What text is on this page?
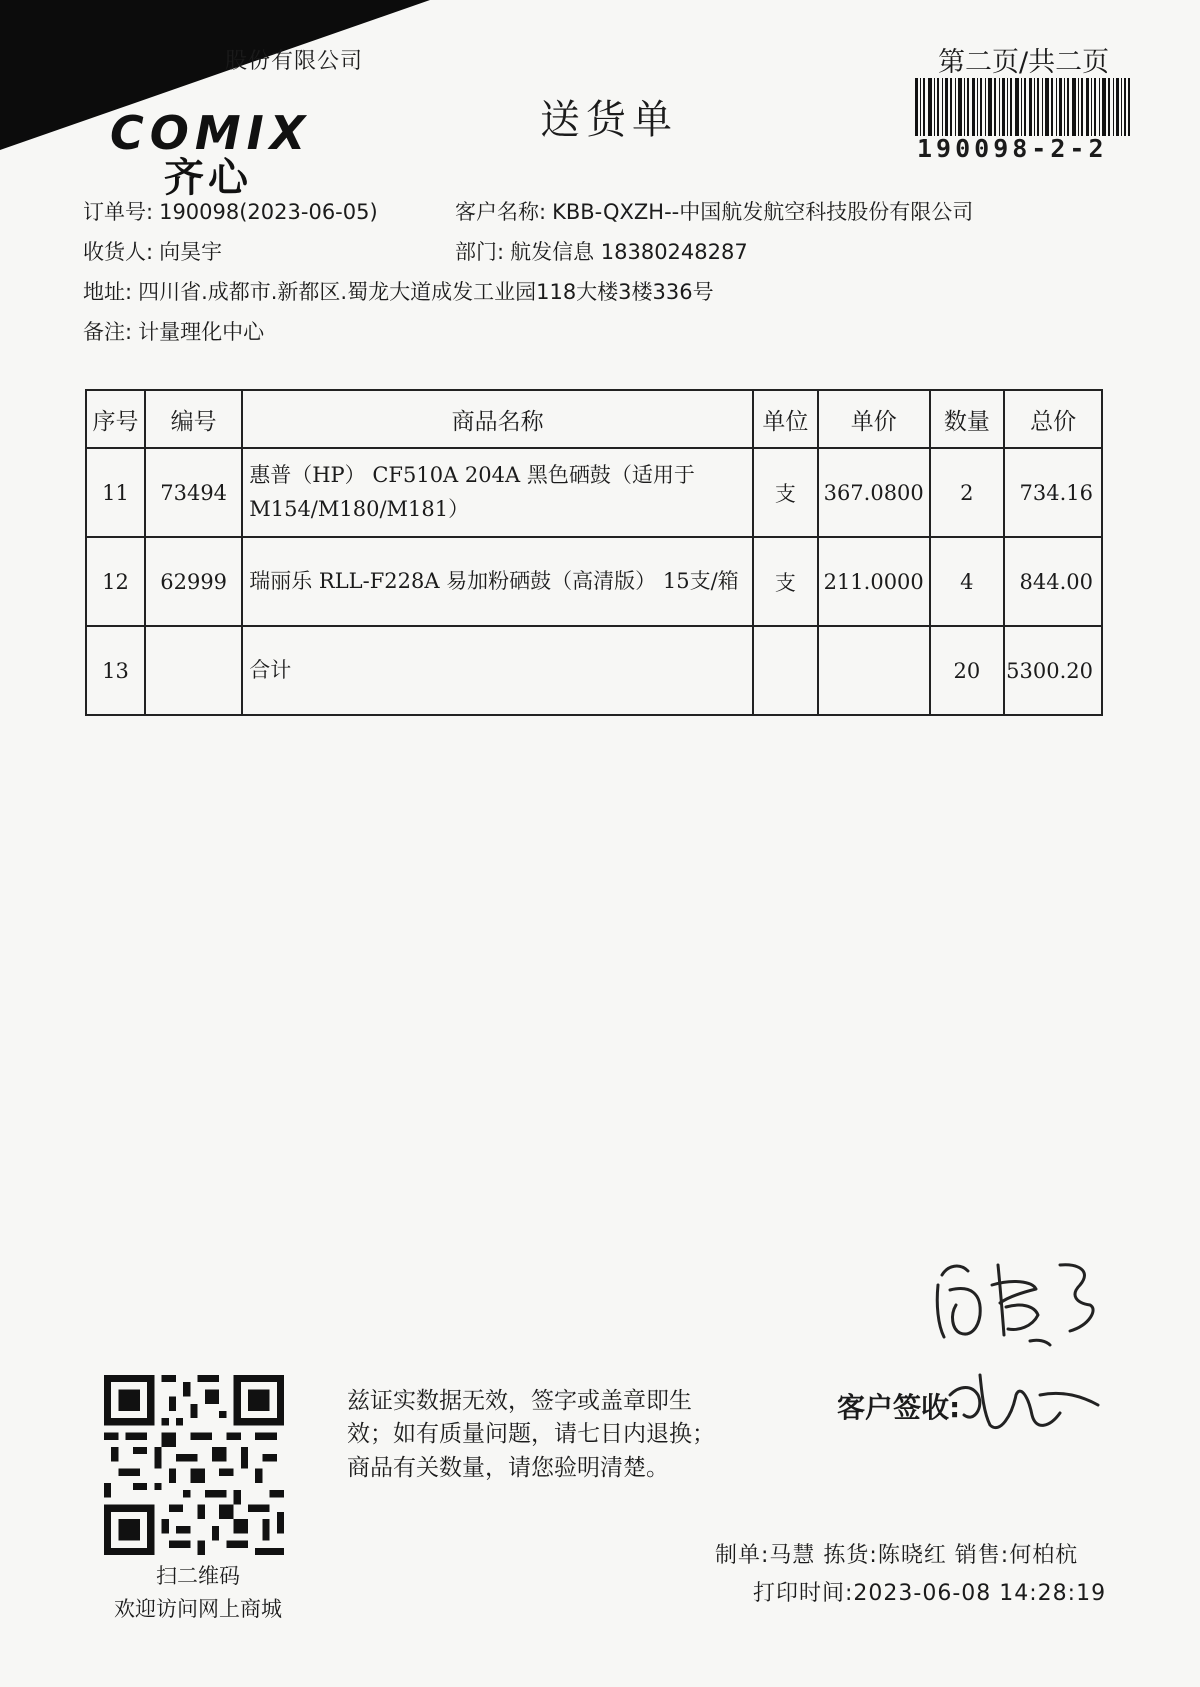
股份有限公司
COMIX
齐心
送货单
第二页/共二页
190098-2-2
订单号: 190098(2023-06-05)	客户名称: KBB-QXZH--中国航发航空科技股份有限公司
收货人: 向昊宇	部门: 航发信息 18380248287
地址: 四川省.成都市.新都区.蜀龙大道成发工业园118大楼3楼336号
备注: 计量理化中心
序号	编号	商品名称	单位	单价	数量	总价
11	73494	惠普（HP） CF510A 204A 黑色硒鼓（适用于
M154/M180/M181）	支	367.0800	2	734.16
12	62999	瑞丽乐 RLL-F228A 易加粉硒鼓（高清版） 15支/箱	支	211.0000	4	844.00
13		合计			20	5300.20
扫二维码
欢迎访问网上商城
兹证实数据无效，签字或盖章即生
效；如有质量问题，请七日内退换；
商品有关数量，请您验明清楚。
客户签收:
制单:马慧 拣货:陈晓红 销售:何柏杭
打印时间:2023-06-08 14:28:19
